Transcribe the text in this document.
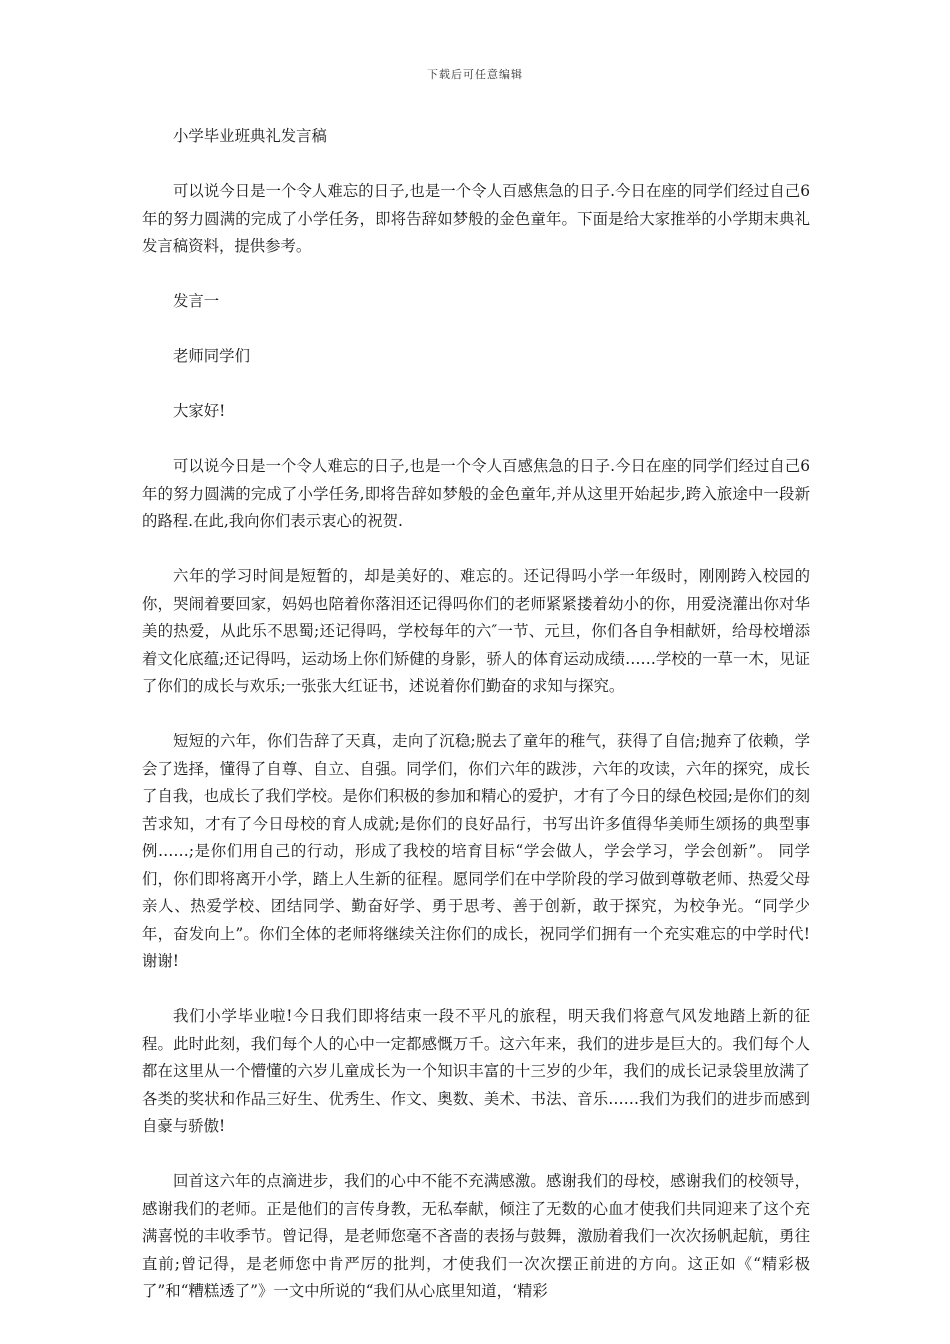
下载后可任意编辑

小学毕业班典礼发言稿

可以说今日是一个令人难忘的日子,也是一个令人百感焦急的日子.今日在座的同学们经过自己6年的努力圆满的完成了小学任务，即将告辞如梦般的金色童年。下面是给大家推举的小学期末典礼发言稿资料，提供参考。

发言一

老师同学们

大家好!

可以说今日是一个令人难忘的日子,也是一个令人百感焦急的日子.今日在座的同学们经过自己6年的努力圆满的完成了小学任务,即将告辞如梦般的金色童年,并从这里开始起步,跨入旅途中一段新的路程.在此,我向你们表示衷心的祝贺.

六年的学习时间是短暂的，却是美好的、难忘的。还记得吗小学一年级时，刚刚跨入校园的你，哭闹着要回家，妈妈也陪着你落泪还记得吗你们的老师紧紧搂着幼小的你，用爱浇灌出你对华美的热爱，从此乐不思蜀;还记得吗，学校每年的六″一节、元旦，你们各自争相献妍，给母校增添着文化底蕴;还记得吗，运动场上你们矫健的身影，骄人的体育运动成绩……学校的一草一木，见证了你们的成长与欢乐;一张张大红证书，述说着你们勤奋的求知与探究。

短短的六年，你们告辞了天真，走向了沉稳;脱去了童年的稚气，获得了自信;抛弃了依赖，学会了选择，懂得了自尊、自立、自强。同学们，你们六年的跋涉，六年的攻读，六年的探究，成长了自我，也成长了我们学校。是你们积极的参加和精心的爱护，才有了今日的绿色校园;是你们的刻苦求知，才有了今日母校的育人成就;是你们的良好品行，书写出许多值得华美师生颂扬的典型事例……;是你们用自己的行动，形成了我校的培育目标“学会做人，学会学习，学会创新”。 同学们，你们即将离开小学，踏上人生新的征程。愿同学们在中学阶段的学习做到尊敬老师、热爱父母亲人、热爱学校、团结同学、勤奋好学、勇于思考、善于创新，敢于探究，为校争光。“同学少年，奋发向上”。你们全体的老师将继续关注你们的成长，祝同学们拥有一个充实难忘的中学时代! 谢谢!

我们小学毕业啦!今日我们即将结束一段不平凡的旅程，明天我们将意气风发地踏上新的征程。此时此刻，我们每个人的心中一定都感慨万千。这六年来，我们的进步是巨大的。我们每个人都在这里从一个懵懂的六岁儿童成长为一个知识丰富的十三岁的少年，我们的成长记录袋里放满了各类的奖状和作品三好生、优秀生、作文、奥数、美术、书法、音乐……我们为我们的进步而感到自豪与骄傲!

回首这六年的点滴进步，我们的心中不能不充满感激。感谢我们的母校，感谢我们的校领导，感谢我们的老师。正是他们的言传身教，无私奉献，倾注了无数的心血才使我们共同迎来了这个充满喜悦的丰收季节。曾记得，是老师您毫不吝啬的表扬与鼓舞，激励着我们一次次扬帆起航，勇往直前;曾记得，是老师您中肯严厉的批判，才使我们一次次摆正前进的方向。这正如《“精彩极了”和“糟糕透了”》一文中所说的“我们从心底里知道，‘精彩
